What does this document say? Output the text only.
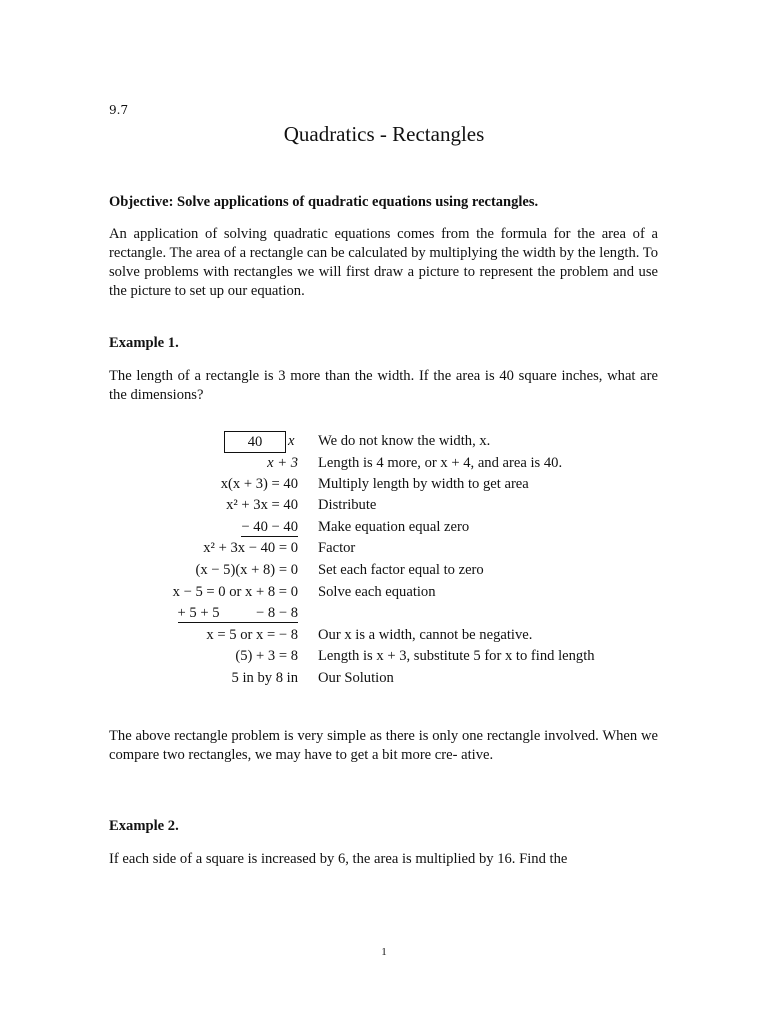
9.7
Quadratics - Rectangles
Objective: Solve applications of quadratic equations using rectangles.
An application of solving quadratic equations comes from the formula for the area of a rectangle. The area of a rectangle can be calculated by multiplying the width by the length. To solve problems with rectangles we will first draw a picture to represent the problem and use the picture to set up our equation.
Example 1.
The length of a rectangle is 3 more than the width. If the area is 40 square inches, what are the dimensions?
40	x We do not know the width, x.
x + 3 Length is 4 more, or x + 4, and area is 40.
x(x + 3) = 40 Multiply length by width to get area
x² + 3x = 40 Distribute
− 40 − 40 Make equation equal zero
x² + 3x − 40 = 0 Factor
(x − 5)(x + 8) = 0 Set each factor equal to zero
x − 5 = 0 or x + 8 = 0 Solve each equation
+ 5 + 5          − 8 − 8
x = 5 or x = − 8 Our x is a width, cannot be negative.
(5) + 3 = 8 Length is x + 3, substitute 5 for x to find length
5 in by 8 in Our Solution
The above rectangle problem is very simple as there is only one rectangle involved. When we compare two rectangles, we may have to get a bit more cre- ative.
Example 2.
If each side of a square is increased by 6, the area is multiplied by 16. Find the
1
